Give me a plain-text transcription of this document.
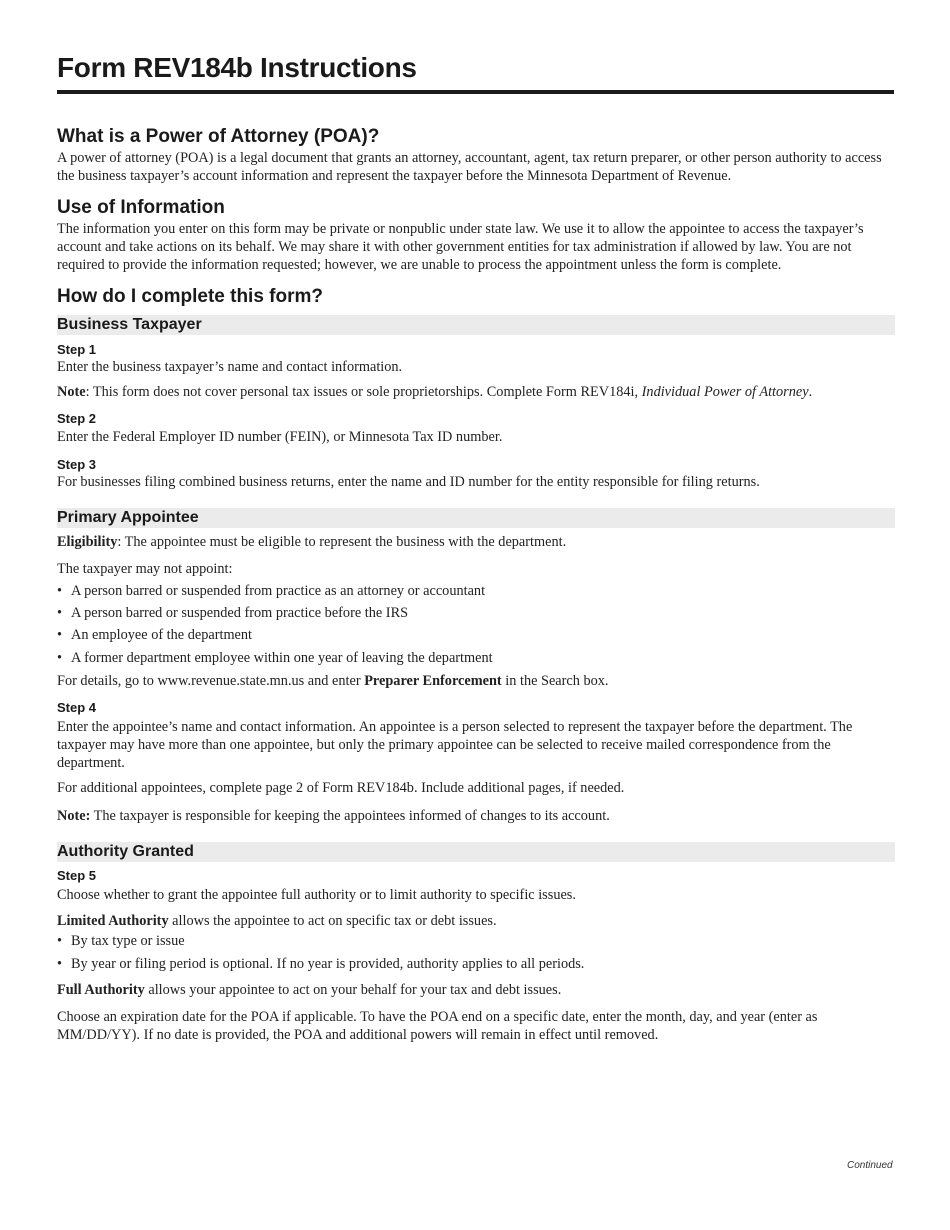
Form REV184b Instructions
What is a Power of Attorney (POA)?

A power of attorney (POA) is a legal document that grants an attorney, accountant, agent, tax return preparer, or other person authority to access the business taxpayer’s account information and represent the taxpayer before the Minnesota Department of Revenue.

Use of Information

The information you enter on this form may be private or nonpublic under state law. We use it to allow the appointee to access the taxpayer’s account and take actions on its behalf. We may share it with other government entities for tax administration if allowed by law. You are not required to provide the information requested; however, we are unable to process the appointment unless the form is complete.

How do I complete this form?
Business Taxpayer
Step 1

Enter the business taxpayer’s name and contact information.

Note: This form does not cover personal tax issues or sole proprietorships. Complete Form REV184i, Individual Power of Attorney.

Step 2

Enter the Federal Employer ID number (FEIN), or Minnesota Tax ID number.

Step 3

For businesses filing combined business returns, enter the name and ID number for the entity responsible for filing returns.

Primary Appointee

Eligibility: The appointee must be eligible to represent the business with the department.

The taxpayer may not appoint:

• A person barred or suspended from practice as an attorney or accountant
• A person barred or suspended from practice before the IRS
• An employee of the department
• A former department employee within one year of leaving the department

For details, go to www.revenue.state.mn.us and enter Preparer Enforcement in the Search box.

Step 4

Enter the appointee’s name and contact information. An appointee is a person selected to represent the taxpayer before the department. The taxpayer may have more than one appointee, but only the primary appointee can be selected to receive mailed correspondence from the department.

For additional appointees, complete page 2 of Form REV184b. Include additional pages, if needed.

Note: The taxpayer is responsible for keeping the appointees informed of changes to its account.

Authority Granted
Step 5

Choose whether to grant the appointee full authority or to limit authority to specific issues.

Limited Authority allows the appointee to act on specific tax or debt issues.

• By tax type or issue
• By year or filing period is optional. If no year is provided, authority applies to all periods.

Full Authority allows your appointee to act on your behalf for your tax and debt issues.

Choose an expiration date for the POA if applicable. To have the POA end on a specific date, enter the month, day, and year (enter as MM/DD/YY). If no date is provided, the POA and additional powers will remain in effect until removed.

Continued
